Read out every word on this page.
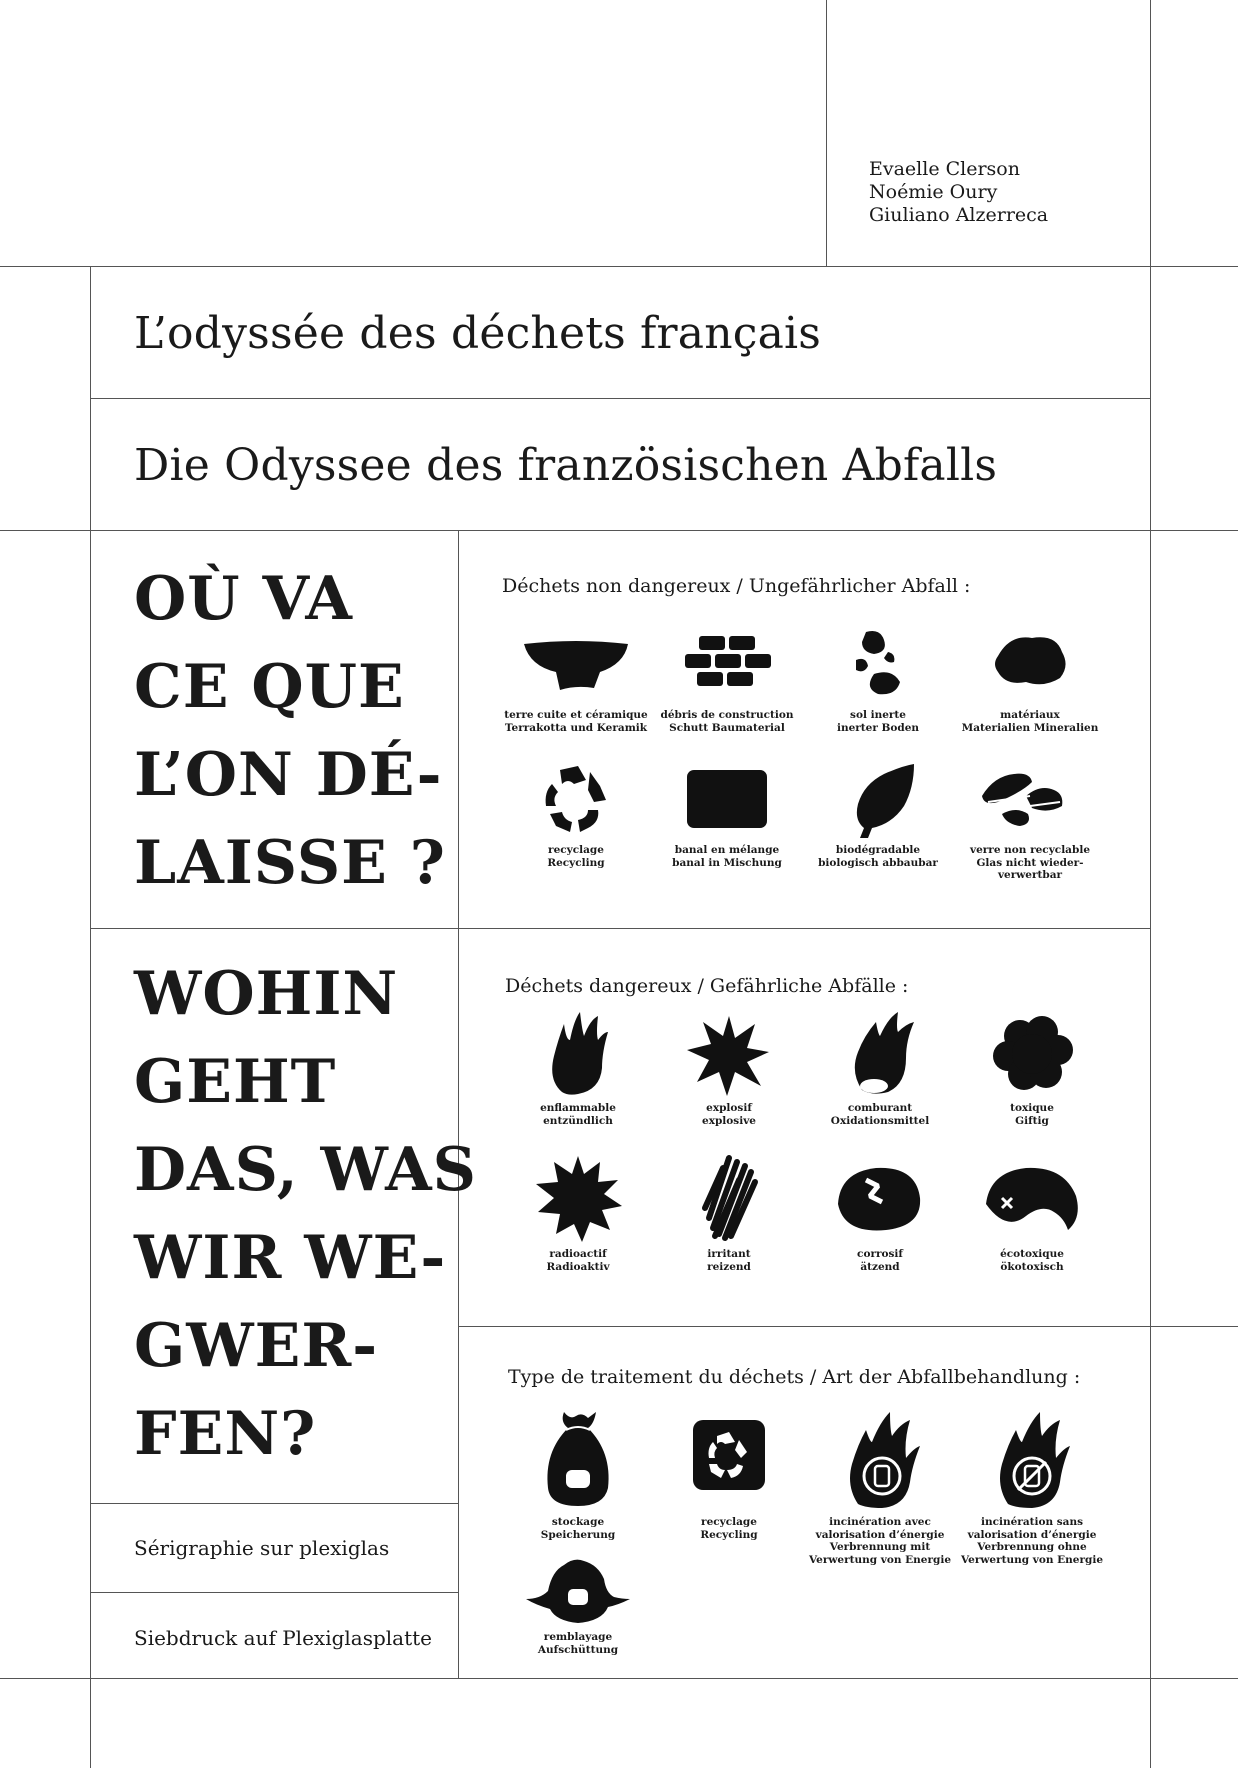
Evaelle Clerson
Noémie Oury
Giuliano Alzerreca
L’odyssée des déchets français
Die Odyssee des französischen Abfalls
OÙ VA
CE QUE
L’ON DÉ-
LAISSE ?
WOHIN
GEHT
DAS, WAS
WIR WE-
GWER-
FEN?
Sérigraphie sur plexiglas
Siebdruck auf Plexiglasplatte
Déchets non dangereux / Ungefährlicher Abfall :
Déchets dangereux / Gefährliche Abfälle :
Type de traitement du déchets / Art der Abfallbehandlung :
terre cuite et céramique
Terrakotta und Keramik
débris de construction
Schutt Baumaterial
sol inerte
inerter Boden
matériaux
Materialien Mineralien
recyclage
Recycling
banal en mélange
banal in Mischung
biodégradable
biologisch abbaubar
verre non recyclable
Glas nicht wieder-
verwertbar
enflammable
entzündlich
explosif
explosive
comburant
Oxidationsmittel
toxique
Giftig
radioactif
Radioaktiv
irritant
reizend
corrosif
ätzend
écotoxique
ökotoxisch
stockage
Speicherung
recyclage
Recycling
incinération avec
valorisation d’énergie
Verbrennung mit
Verwertung von Energie
incinération sans
valorisation d’énergie
Verbrennung ohne
Verwertung von Energie
remblayage
Aufschüttung
